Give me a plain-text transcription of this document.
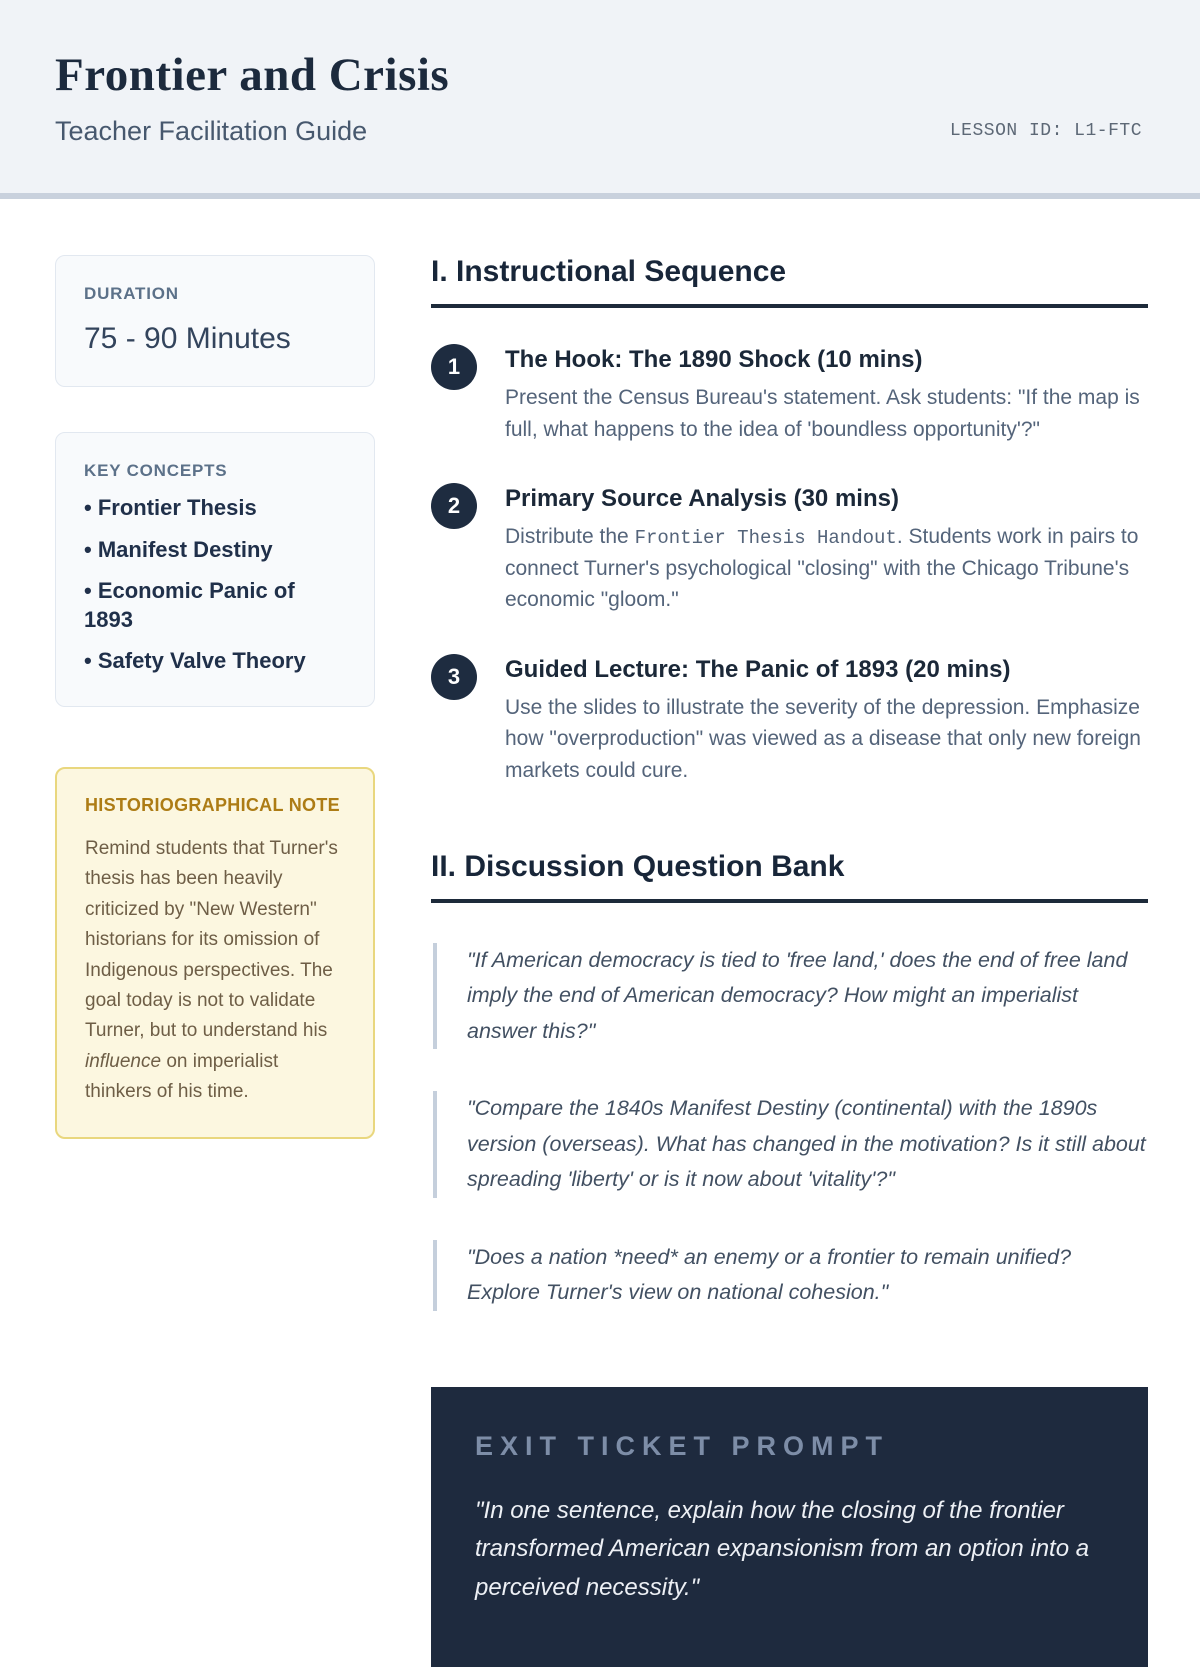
Frontier and Crisis
Teacher Facilitation Guide	LESSON ID: L1-FTC
DURATION
75 - 90 Minutes
KEY CONCEPTS
• Frontier Thesis
• Manifest Destiny
• Economic Panic of 1893
• Safety Valve Theory
HISTORIOGRAPHICAL NOTE

Remind students that Turner's thesis has been heavily criticized by "New Western" historians for its omission of Indigenous perspectives. The goal today is not to validate Turner, but to understand his influence on imperialist thinkers of his time.

I. Instructional Sequence
1	The Hook: The 1890 Shock (10 mins)

Present the Census Bureau's statement. Ask students: "If the map is full, what happens to the idea of 'boundless opportunity'?"

2	Primary Source Analysis (30 mins)

Distribute the Frontier Thesis Handout. Students work in pairs to connect Turner's psychological "closing" with the Chicago Tribune's economic "gloom."

3	Guided Lecture: The Panic of 1893 (20 mins)

Use the slides to illustrate the severity of the depression. Emphasize how "overproduction" was viewed as a disease that only new foreign markets could cure.

II. Discussion Question Bank
"If American democracy is tied to 'free land,' does the end of free land imply the end of American democracy? How might an imperialist answer this?"
"Compare the 1840s Manifest Destiny (continental) with the 1890s version (overseas). What has changed in the motivation? Is it still about spreading 'liberty' or is it now about 'vitality'?"
"Does a nation *need* an enemy or a frontier to remain unified? Explore Turner's view on national cohesion."
EXIT TICKET PROMPT

"In one sentence, explain how the closing of the frontier transformed American expansionism from an option into a perceived necessity."
